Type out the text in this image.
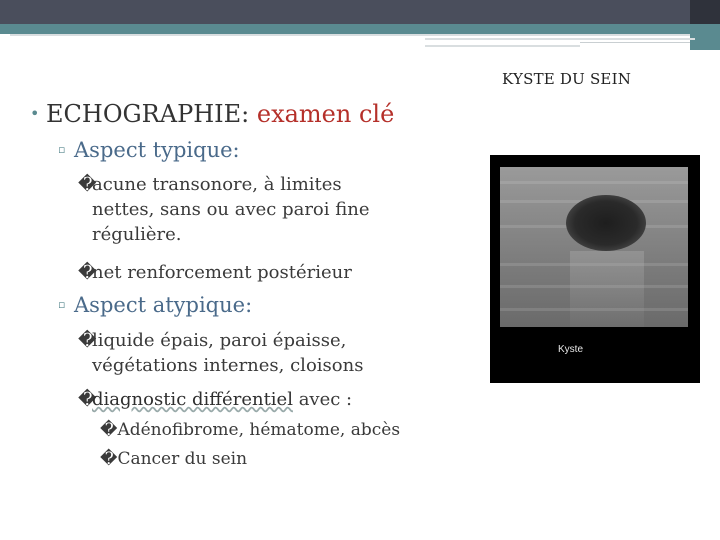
KYSTE DU SEIN
• ECHOGRAPHIE: examen clé
▫ Aspect typique:
�acune transonore, à limites
nettes, sans ou avec paroi fine
régulière.
�net renforcement postérieur
▫ Aspect atypique:
�liquide épais, paroi épaisse,
végétations internes, cloisons
�diagnostic différentiel avec :
�Adénofibrome, hématome, abcès
�Cancer du sein
Kyste
